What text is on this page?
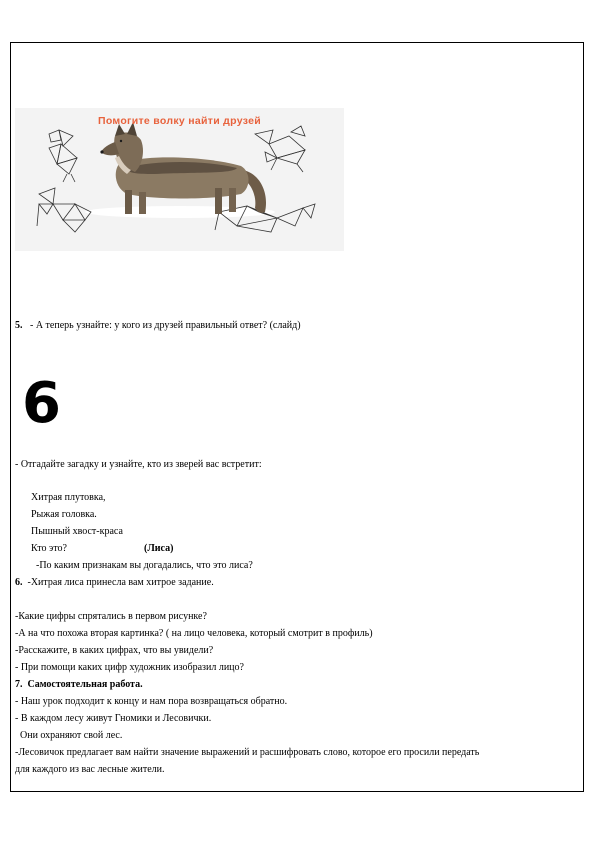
Помогите волку найти друзей
5. - А теперь узнайте: у кого из друзей правильный ответ? (слайд)
6
- Отгадайте загадку и узнайте, кто из зверей вас встретит:
Хитрая плутовка,
Рыжая головка.
Пышный хвост-краса
Кто это?	(Лиса)
-По каким признакам вы догадались, что это лиса?
6. -Хитрая лиса принесла вам хитрое задание.
-Какие цифры спрятались в первом рисунке?
-А на что похожа вторая картинка? ( на лицо человека, который смотрит в профиль)
-Расскажите, в каких цифрах, что вы увидели?
- При помощи каких цифр художник изобразил лицо?
7. Самостоятельная работа.
- Наш урок подходит к концу и нам пора возвращаться обратно.
- В каждом лесу живут Гномики и Лесовички.
Они охраняют свой лес.
-Лесовичок предлагает вам найти значение выражений и расшифровать слово, которое его просили передать
для каждого из вас лесные жители.
